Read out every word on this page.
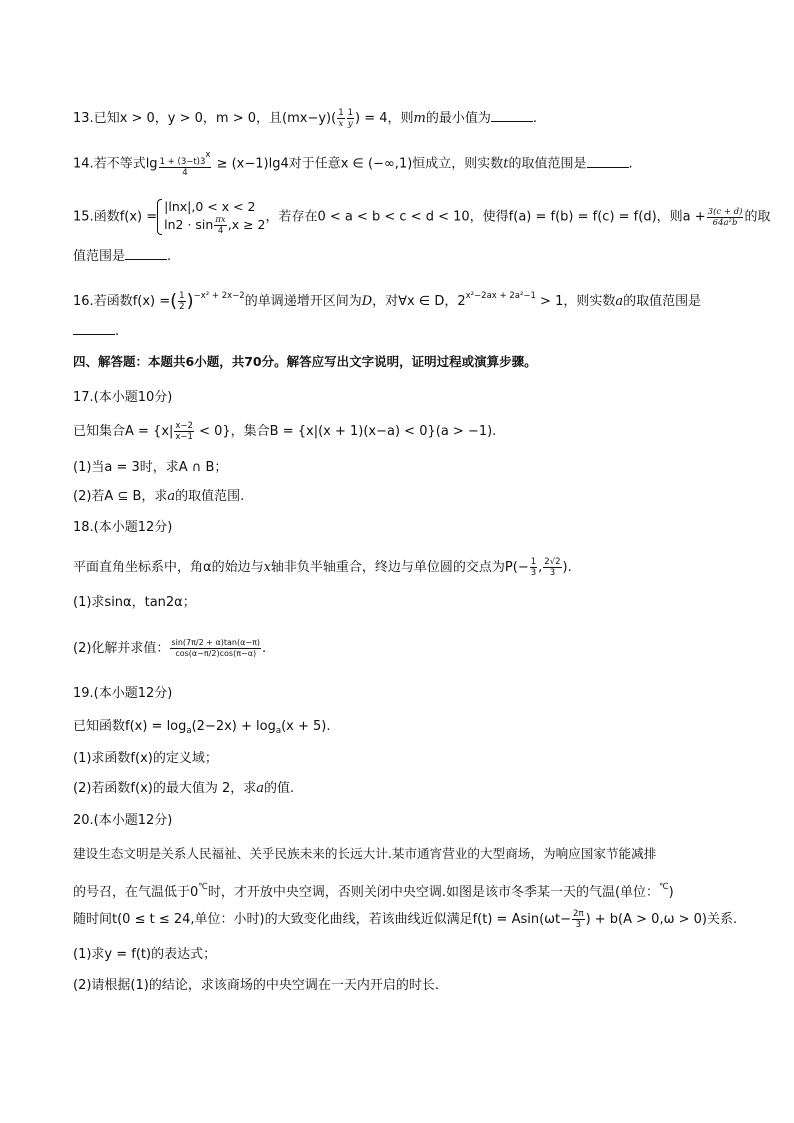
13.已知x > 0，y > 0，m > 0，且$(mx-y)( \frac{1}{x} \frac{1}{y}$ ) = 4，则m的最小值为	.
14.若不等式$\lg \frac{1 + (3-t)3x}{4} \ge (x-1)\lg 4$对于任意x ∈ (−∞,1)恒成立，则实数t的取值范围是	.
15.函数f(x) =
|lnx|,0 < x < 2
$\ln 2 \cdot \sin \frac{\pi x}{4} ,x \ge 2$ ，若存在0 < a < b < c < d < 10，使得f(a) = f(b) = f(c) = f(d)，则$a + \frac{3(c + d)}{\text{64a²b}}$ 的取
值范围是	.
16.若函数f(x) =( $\frac{1}{2} )^{-x^2 + 2x-2}$的单调递增开区间为D，对∀x ∈ D，$2^{x^2-2ax + 2a^2-1} > 1$，则实数a的取值范围是
.
四、解答题：本题共6小题，共70分。解答应写出文字说明，证明过程或演算步骤。
17.(本小题10分)
已知集合$A = \{x| \frac{x-2}{x-1} < 0\}$，集合B = {x|(x + 1)(x−a) < 0}(a > −1).
(1)当a = 3时，求A ∩ B；
(2)若A ⊆ B，求a的取值范围.
18.(本小题12分)
平面直角坐标系中，角α的始边与x轴非负半轴重合，终边与单位圆的交点为$P(- \frac{1}{3}$ , $\frac{2√2}{3}$ ).
(1)求sinα，tan2α；
(2)化解并求值： $\frac{\sin(7\pi/2 + \alpha)\tan(\alpha-\pi)}{\cos(\alpha-\pi/2)\cos(\pi-\alpha)}$ .
19.(本小题12分)
已知函数$f(x) = \log_a(2-2x) + \log_a(x + 5)$.
(1)求函数f(x)的定义域；
(2)若函数f(x)的最大值为 2，求a的值.
20.(本小题12分)
建设生态文明是关系人民福祉、关乎民族未来的长远大计.某市通宵营业的大型商场，为响应国家节能减排
的号召，在气温低于0℃时，才开放中央空调，否则关闭中央空调.如图是该市冬季某一天的气温(单位：℃)
随时间t(0 ≤ t ≤ 24,单位：小时)的大致变化曲线，若该曲线近似满足$f(t) = Asin(\omega t- \frac{2\pi}{3}$ ) + b(A > 0,ω > 0)关系.
(1)求y = f(t)的表达式；
(2)请根据(1)的结论，求该商场的中央空调在一天内开启的时长.
